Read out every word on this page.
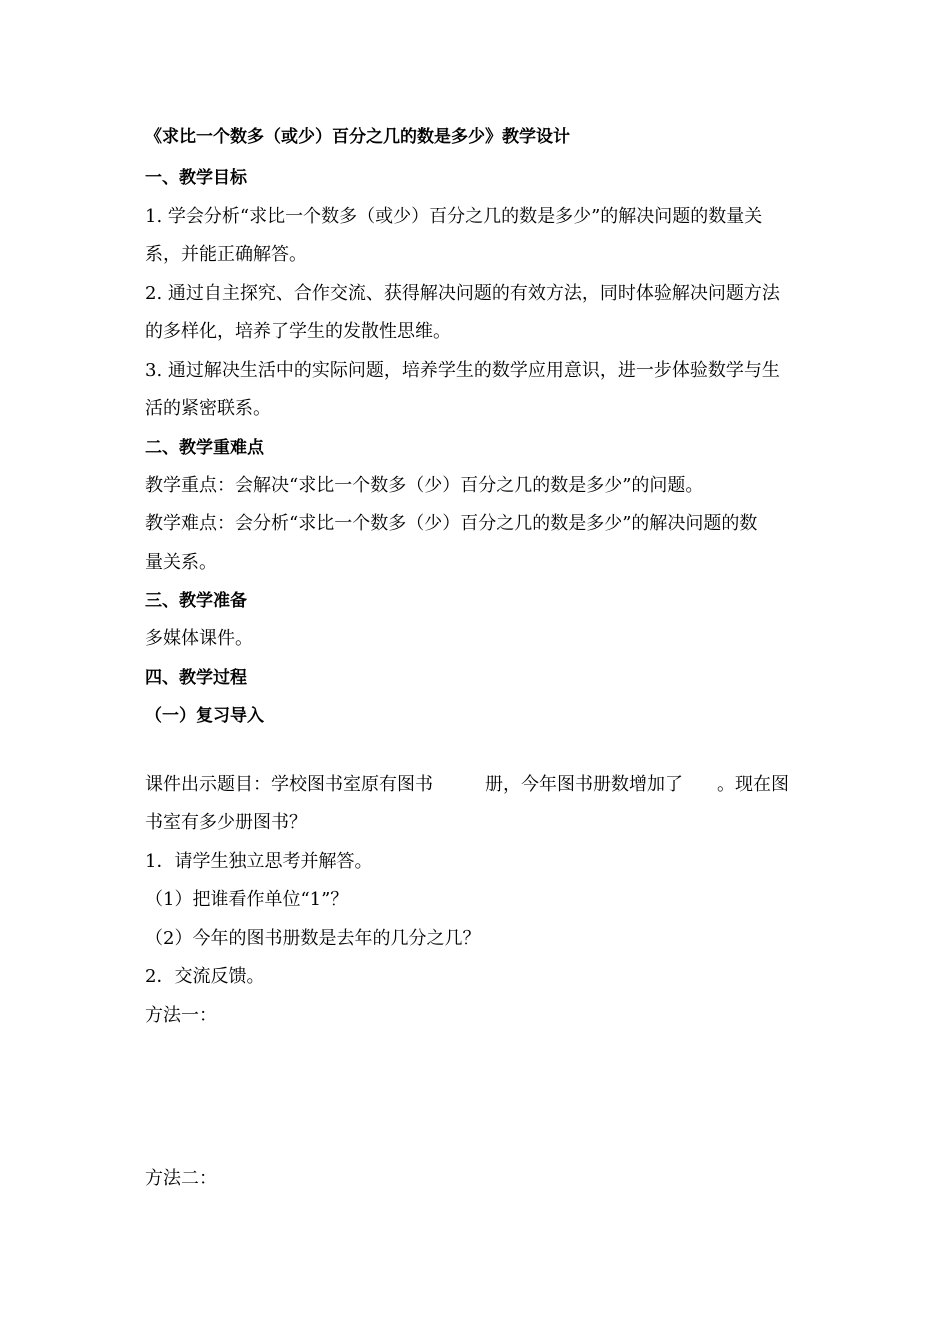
《求比一个数多（或少）百分之几的数是多少》教学设计
一、教学目标
1. 学会分析“求比一个数多（或少）百分之几的数是多少”的解决问题的数量关
系，并能正确解答。
2. 通过自主探究、合作交流、获得解决问题的有效方法，同时体验解决问题方法
的多样化，培养了学生的发散性思维。
3. 通过解决生活中的实际问题，培养学生的数学应用意识，进一步体验数学与生
活的紧密联系。
二、教学重难点
教学重点：会解决“求比一个数多（少）百分之几的数是多少”的问题。
教学难点：会分析“求比一个数多（少）百分之几的数是多少”的解决问题的数
量关系。
三、教学准备
多媒体课件。
四、教学过程
（一）复习导入
课件出示题目：学校图书室原有图书	册，今年图书册数增加了 。现在图
书室有多少册图书？
1．请学生独立思考并解答。
（1）把谁看作单位“1”？
（2）今年的图书册数是去年的几分之几？
2．交流反馈。
方法一：
方法二：
